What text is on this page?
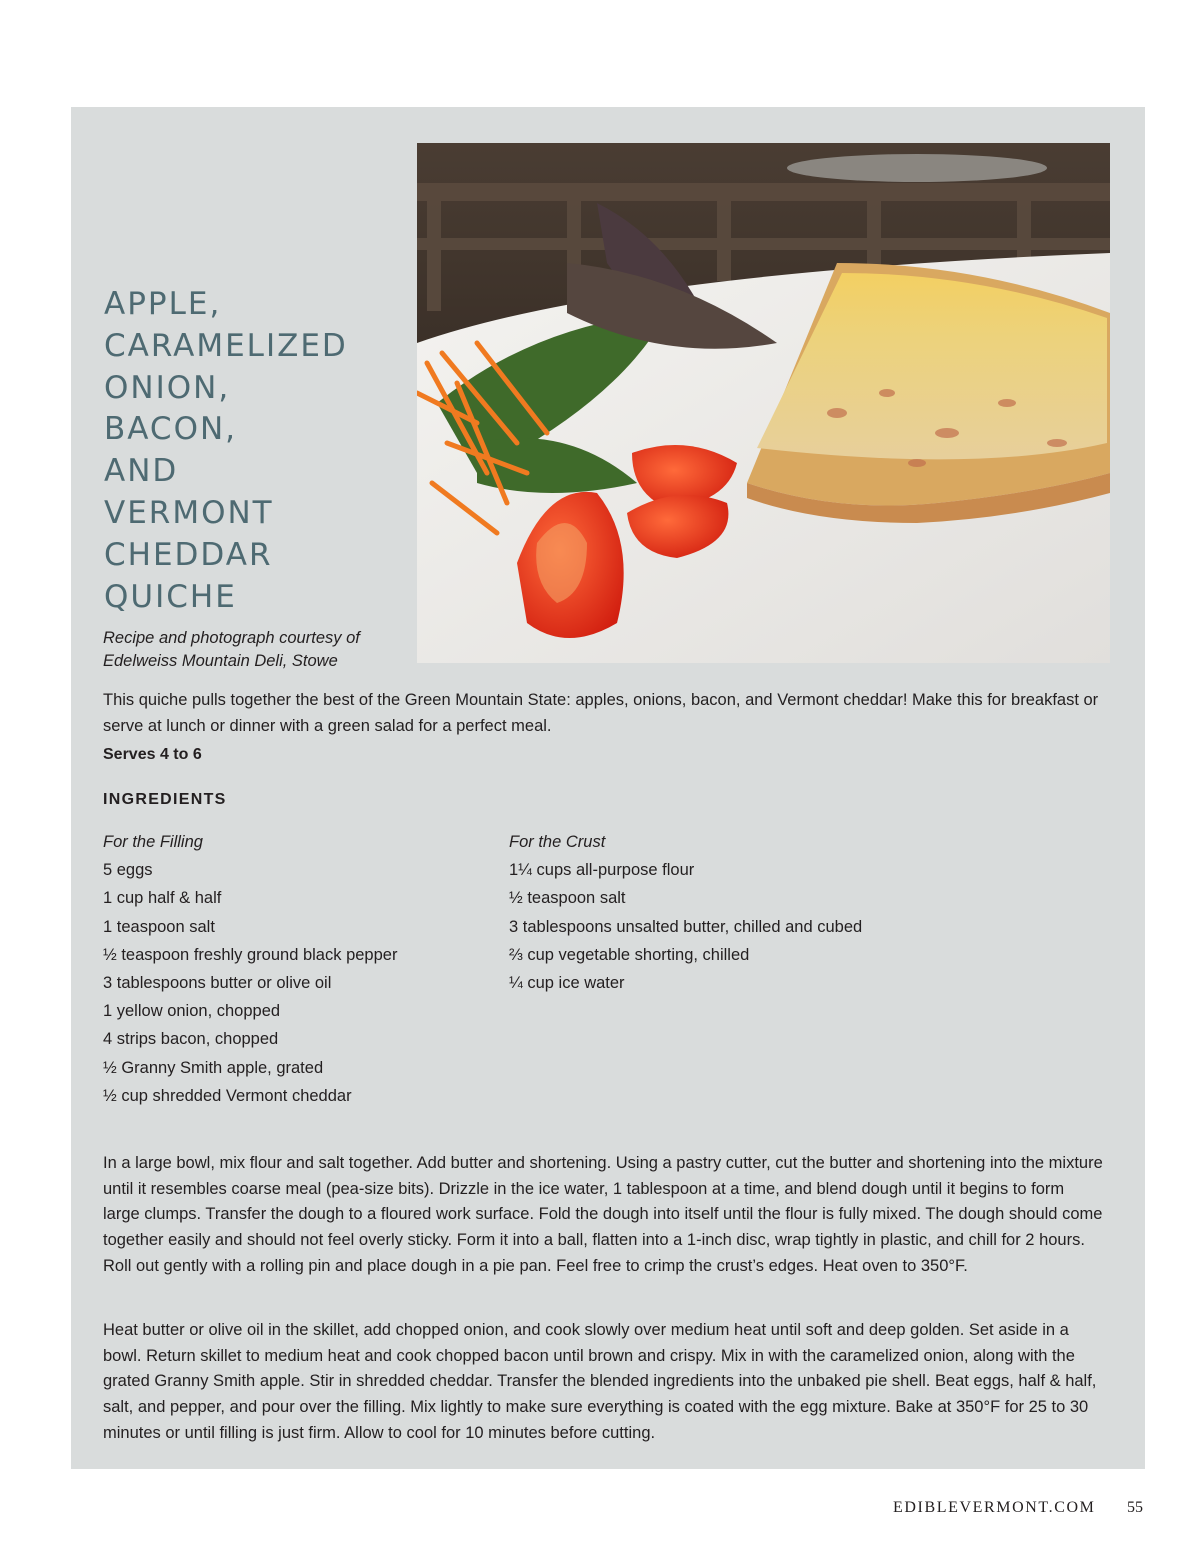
APPLE,
CARAMELIZED
ONION,
BACON,
AND
VERMONT
CHEDDAR
QUICHE
Recipe and photograph courtesy of
Edelweiss Mountain Deli, Stowe
This quiche pulls together the best of the Green Mountain State: apples, onions, bacon, and Vermont cheddar! Make this for breakfast or serve at lunch or dinner with a green salad for a perfect meal.
Serves 4 to 6
INGREDIENTS
For the Filling
5 eggs
1 cup half & half
1 teaspoon salt
½ teaspoon freshly ground black pepper
3 tablespoons butter or olive oil
1 yellow onion, chopped
4 strips bacon, chopped
½ Granny Smith apple, grated
½ cup shredded Vermont cheddar
For the Crust
1¼ cups all-purpose flour
½ teaspoon salt
3 tablespoons unsalted butter, chilled and cubed
⅔ cup vegetable shorting, chilled
¼ cup ice water

In a large bowl, mix flour and salt together. Add butter and shortening. Using a pastry cutter, cut the butter and shortening into the mixture until it resembles coarse meal (pea-size bits). Drizzle in the ice water, 1 tablespoon at a time, and blend dough until it begins to form large clumps. Transfer the dough to a floured work surface. Fold the dough into itself until the flour is fully mixed. The dough should come together easily and should not feel overly sticky. Form it into a ball, flatten into a 1-inch disc, wrap tightly in plastic, and chill for 2 hours. Roll out gently with a rolling pin and place dough in a pie pan. Feel free to crimp the crust’s edges. Heat oven to 350°F.

Heat butter or olive oil in the skillet, add chopped onion, and cook slowly over medium heat until soft and deep golden. Set aside in a bowl. Return skillet to medium heat and cook chopped bacon until brown and crispy. Mix in with the caramelized onion, along with the grated Granny Smith apple. Stir in shredded cheddar. Transfer the blended ingredients into the unbaked pie shell. Beat eggs, half & half, salt, and pepper, and pour over the filling. Mix lightly to make sure everything is coated with the egg mixture. Bake at 350°F for 25 to 30 minutes or until filling is just firm. Allow to cool for 10 minutes before cutting.

EDIBLEVERMONT.COM 55
